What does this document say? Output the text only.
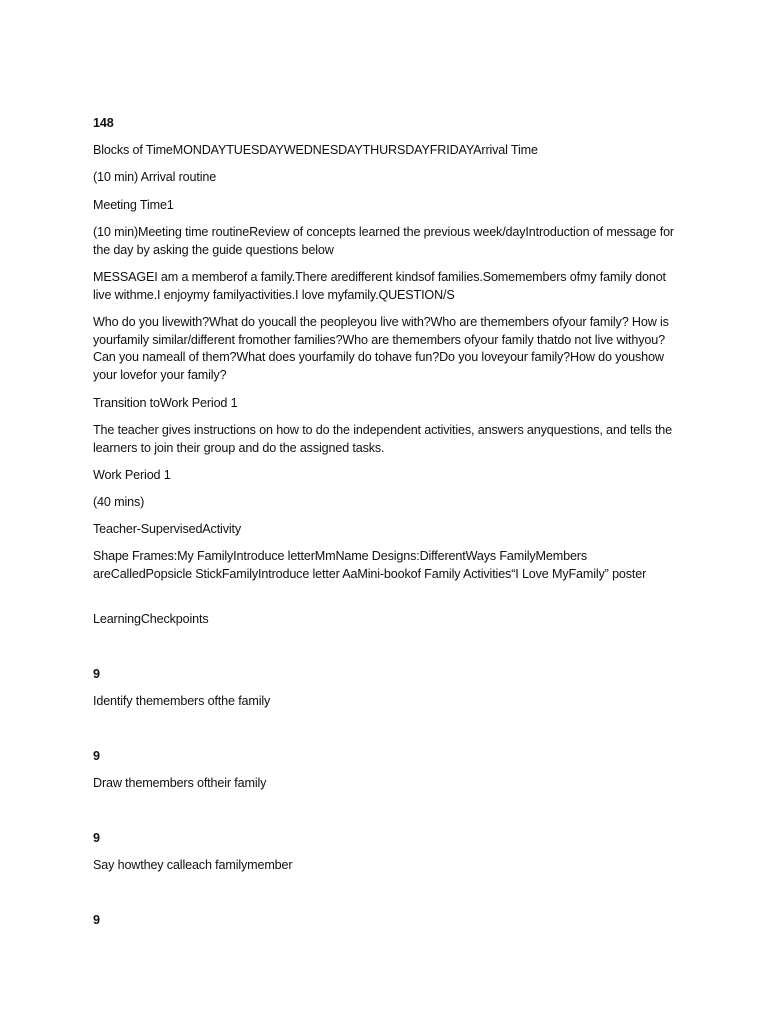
148

Blocks of TimeMONDAYTUESDAYWEDNESDAYTHURSDAYFRIDAYArrival Time

(10 min) Arrival routine

Meeting Time1

(10 min)Meeting time routineReview of concepts learned the previous week/dayIntroduction of message for the day by asking the guide questions below

MESSAGEI am a memberof a family.There aredifferent kindsof families.Somemembers ofmy family donot live withme.I enjoymy familyactivities.I love myfamily.QUESTION/S

Who do you livewith?What do youcall the peopleyou live with?Who are themembers ofyour family? How is yourfamily similar/different fromother families?Who are themembers ofyour family thatdo not live withyou?Can you nameall of them?What does yourfamily do tohave fun?Do you loveyour family?How do youshow your lovefor your family?

Transition toWork Period 1

The teacher gives instructions on how to do the independent activities, answers anyquestions, and tells the learners to join their group and do the assigned tasks.

Work Period 1

(40 mins)

Teacher-SupervisedActivity

Shape Frames:My FamilyIntroduce letterMmName Designs:DifferentWays FamilyMembers areCalledPopsicle StickFamilyIntroduce letter AaMini-bookof Family Activities“I Love MyFamily” poster

LearningCheckpoints

9

Identify themembers ofthe family

9

Draw themembers oftheir family

9

Say howthey calleach familymember

9
